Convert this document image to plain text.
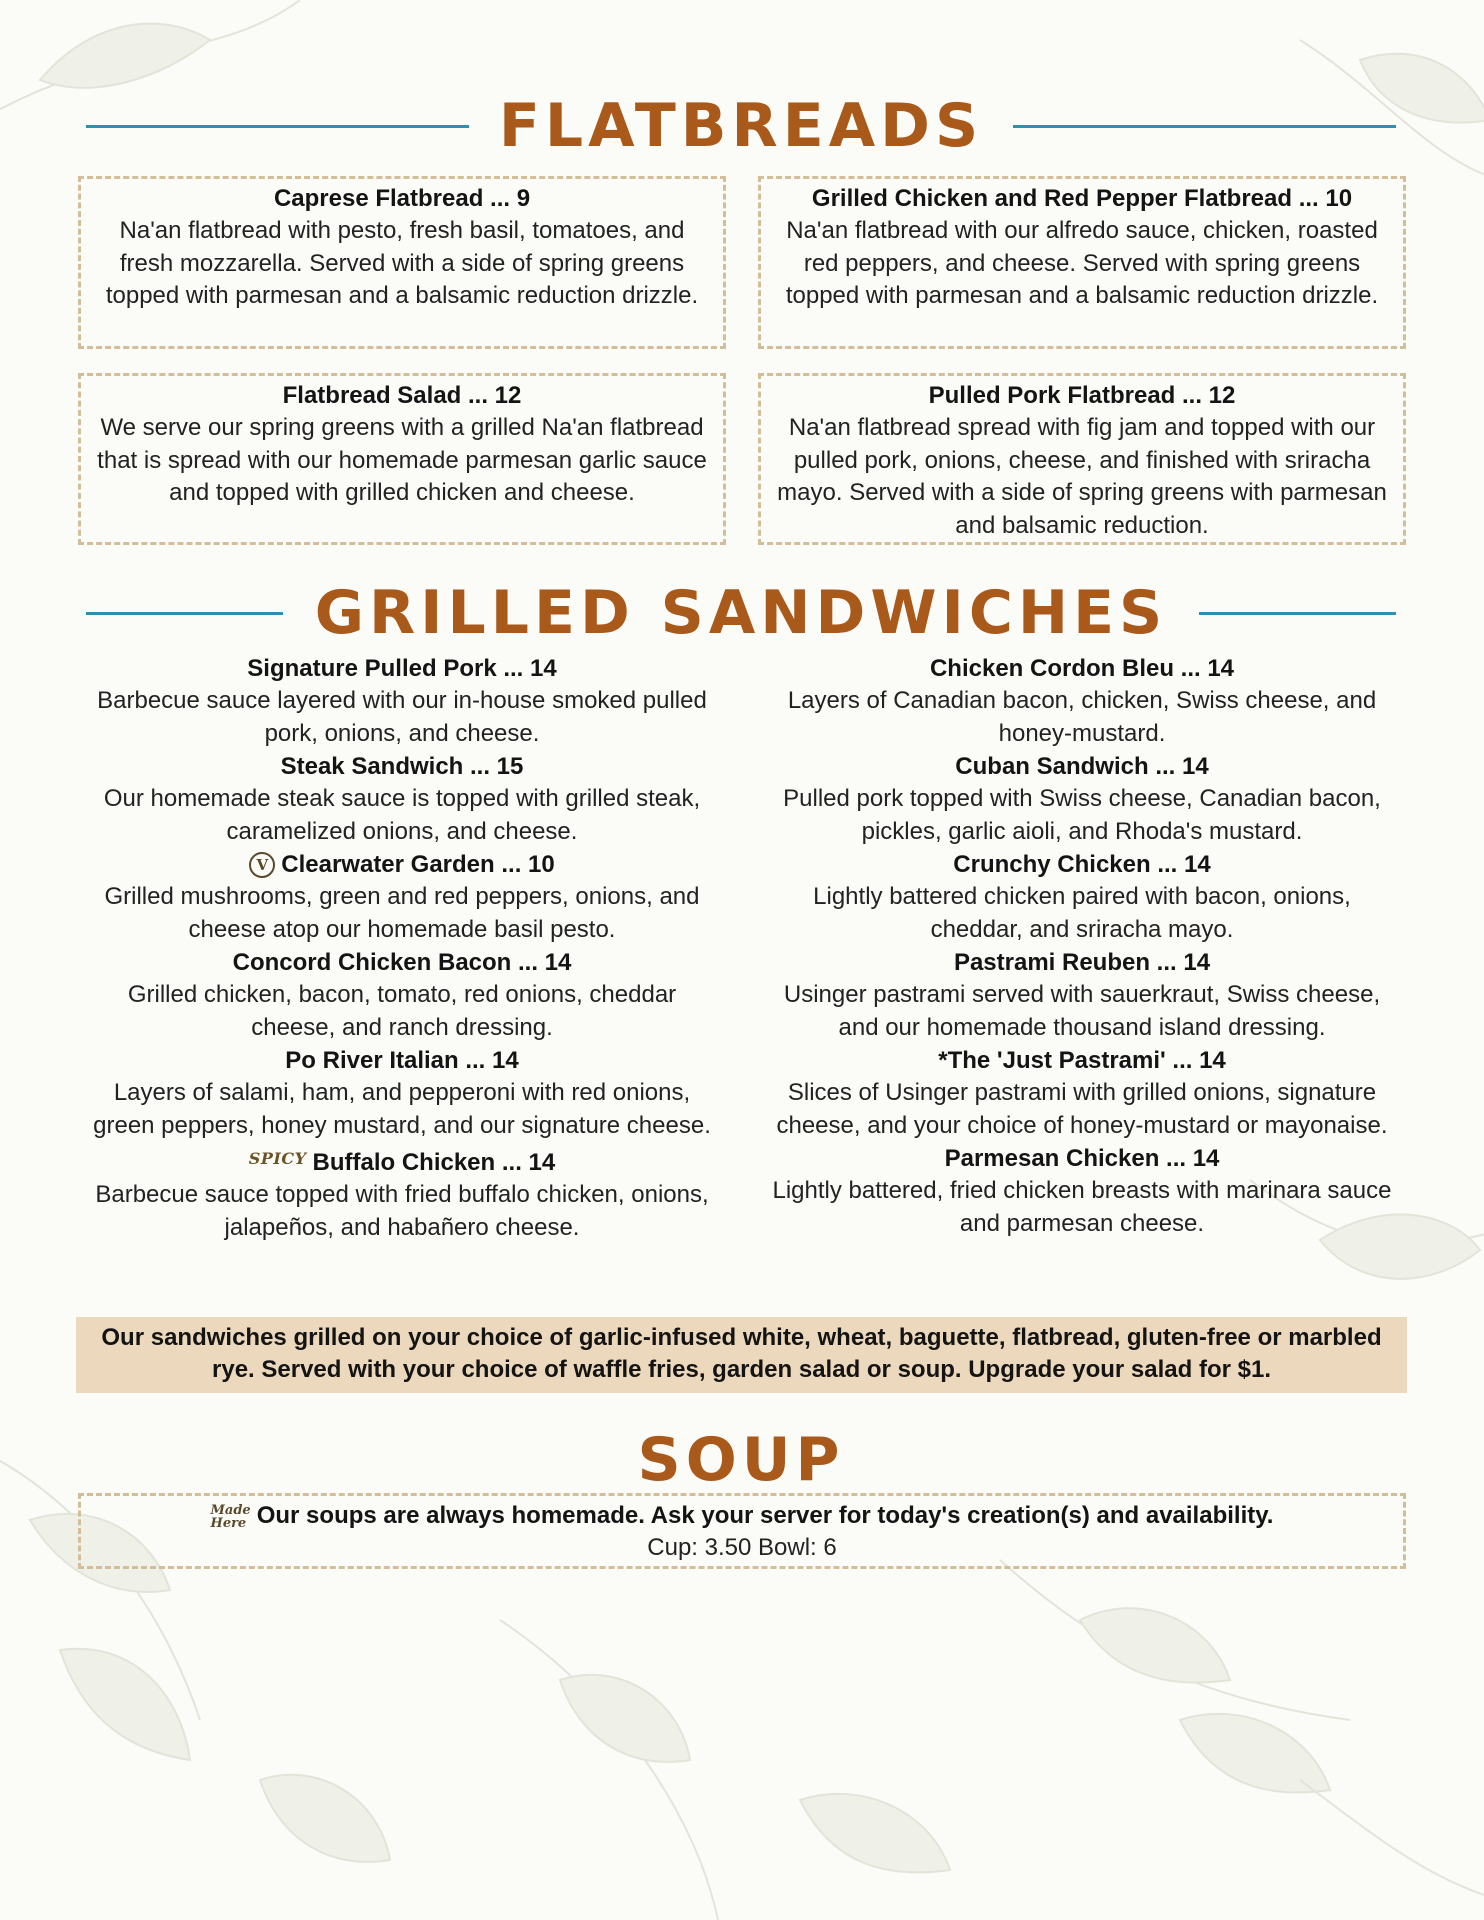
FLATBREADS
Caprese Flatbread ... 9
Na'an flatbread with pesto, fresh basil, tomatoes, and fresh mozzarella. Served with a side of spring greens topped with parmesan and a balsamic reduction drizzle.
Grilled Chicken and Red Pepper Flatbread ... 10
Na'an flatbread with our alfredo sauce, chicken, roasted red peppers, and cheese. Served with spring greens topped with parmesan and a balsamic reduction drizzle.
Flatbread Salad ... 12
We serve our spring greens with a grilled Na'an flatbread that is spread with our homemade parmesan garlic sauce and topped with grilled chicken and cheese.
Pulled Pork Flatbread ... 12
Na'an flatbread spread with fig jam and topped with our pulled pork, onions, cheese, and finished with sriracha mayo. Served with a side of spring greens with parmesan and balsamic reduction.
GRILLED SANDWICHES
Signature Pulled Pork ... 14
Barbecue sauce layered with our in-house smoked pulled pork, onions, and cheese.
Steak Sandwich ... 15
Our homemade steak sauce is topped with grilled steak, caramelized onions, and cheese.
V Clearwater Garden ... 10
Grilled mushrooms, green and red peppers, onions, and cheese atop our homemade basil pesto.
Concord Chicken Bacon ... 14
Grilled chicken, bacon, tomato, red onions, cheddar cheese, and ranch dressing.
Po River Italian ... 14
Layers of salami, ham, and pepperoni with red onions, green peppers, honey mustard, and our signature cheese.
$^{SPICY}$ Buffalo Chicken ... 14
Barbecue sauce topped with fried buffalo chicken, onions, jalapeños, and habañero cheese.
Chicken Cordon Bleu ... 14
Layers of Canadian bacon, chicken, Swiss cheese, and honey-mustard.
Cuban Sandwich ... 14
Pulled pork topped with Swiss cheese, Canadian bacon, pickles, garlic aioli, and Rhoda's mustard.
Crunchy Chicken ... 14
Lightly battered chicken paired with bacon, onions, cheddar, and sriracha mayo.
Pastrami Reuben ... 14
Usinger pastrami served with sauerkraut, Swiss cheese, and our homemade thousand island dressing.
*The 'Just Pastrami' ... 14
Slices of Usinger pastrami with grilled onions, signature cheese, and your choice of honey-mustard or mayonaise.
Parmesan Chicken ... 14
Lightly battered, fried chicken breasts with marinara sauce and parmesan cheese.
Our sandwiches grilled on your choice of garlic-infused white, wheat, baguette, flatbread, gluten-free or marbled rye. Served with your choice of waffle fries, garden salad or soup. Upgrade your salad for $1.
SOUP
Made
Here Our soups are always homemade. Ask your server for today's creation(s) and availability.
Cup: 3.50 Bowl: 6
